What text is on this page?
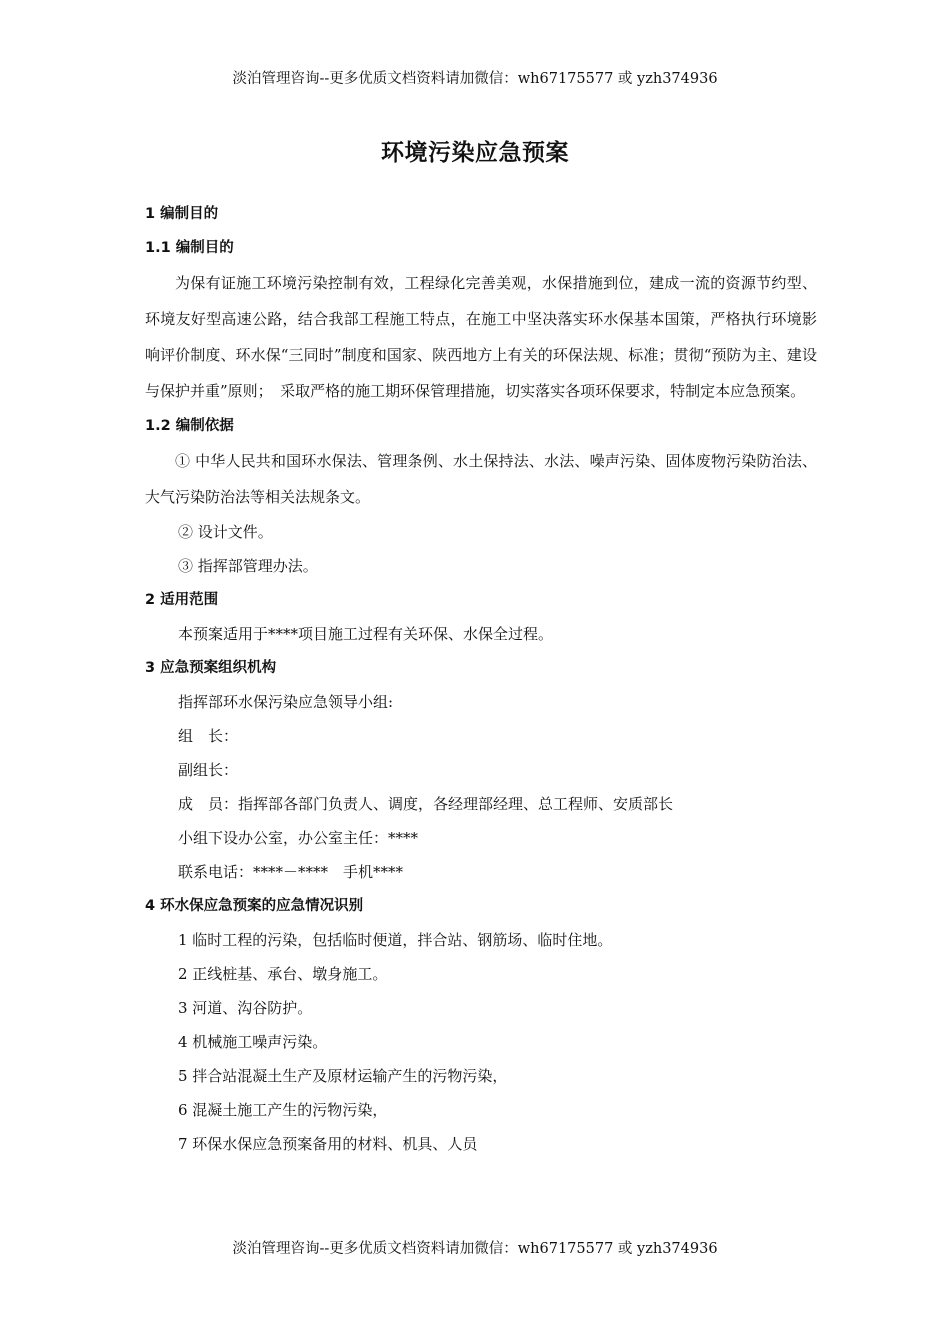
淡泊管理咨询--更多优质文档资料请加微信：wh67175577 或 yzh374936
环境污染应急预案
1 编制目的
1.1 编制目的
为保有证施工环境污染控制有效，工程绿化完善美观，水保措施到位，建成一流的资源节约型、环境友好型高速公路，结合我部工程施工特点，在施工中坚决落实环水保基本国策，严格执行环境影响评价制度、环水保“三同时”制度和国家、陕西地方上有关的环保法规、标准；贯彻“预防为主、建设与保护并重”原则；　采取严格的施工期环保管理措施，切实落实各项环保要求，特制定本应急预案。
1.2 编制依据
① 中华人民共和国环水保法、管理条例、水土保持法、水法、噪声污染、固体废物污染防治法、大气污染防治法等相关法规条文。
② 设计文件。
③ 指挥部管理办法。
2 适用范围
本预案适用于****项目施工过程有关环保、水保全过程。
3 应急预案组织机构
指挥部环水保污染应急领导小组:
组　长：
副组长：
成　员：指挥部各部门负责人、调度，各经理部经理、总工程师、安质部长
小组下设办公室，办公室主任：****
联系电话：****－****　手机****
4 环水保应急预案的应急情况识别
1 临时工程的污染，包括临时便道，拌合站、钢筋场、临时住地。
2 正线桩基、承台、墩身施工。
3 河道、沟谷防护。
4 机械施工噪声污染。
5 拌合站混凝土生产及原材运输产生的污物污染，
6 混凝土施工产生的污物污染，
7 环保水保应急预案备用的材料、机具、人员
淡泊管理咨询--更多优质文档资料请加微信：wh67175577 或 yzh374936
